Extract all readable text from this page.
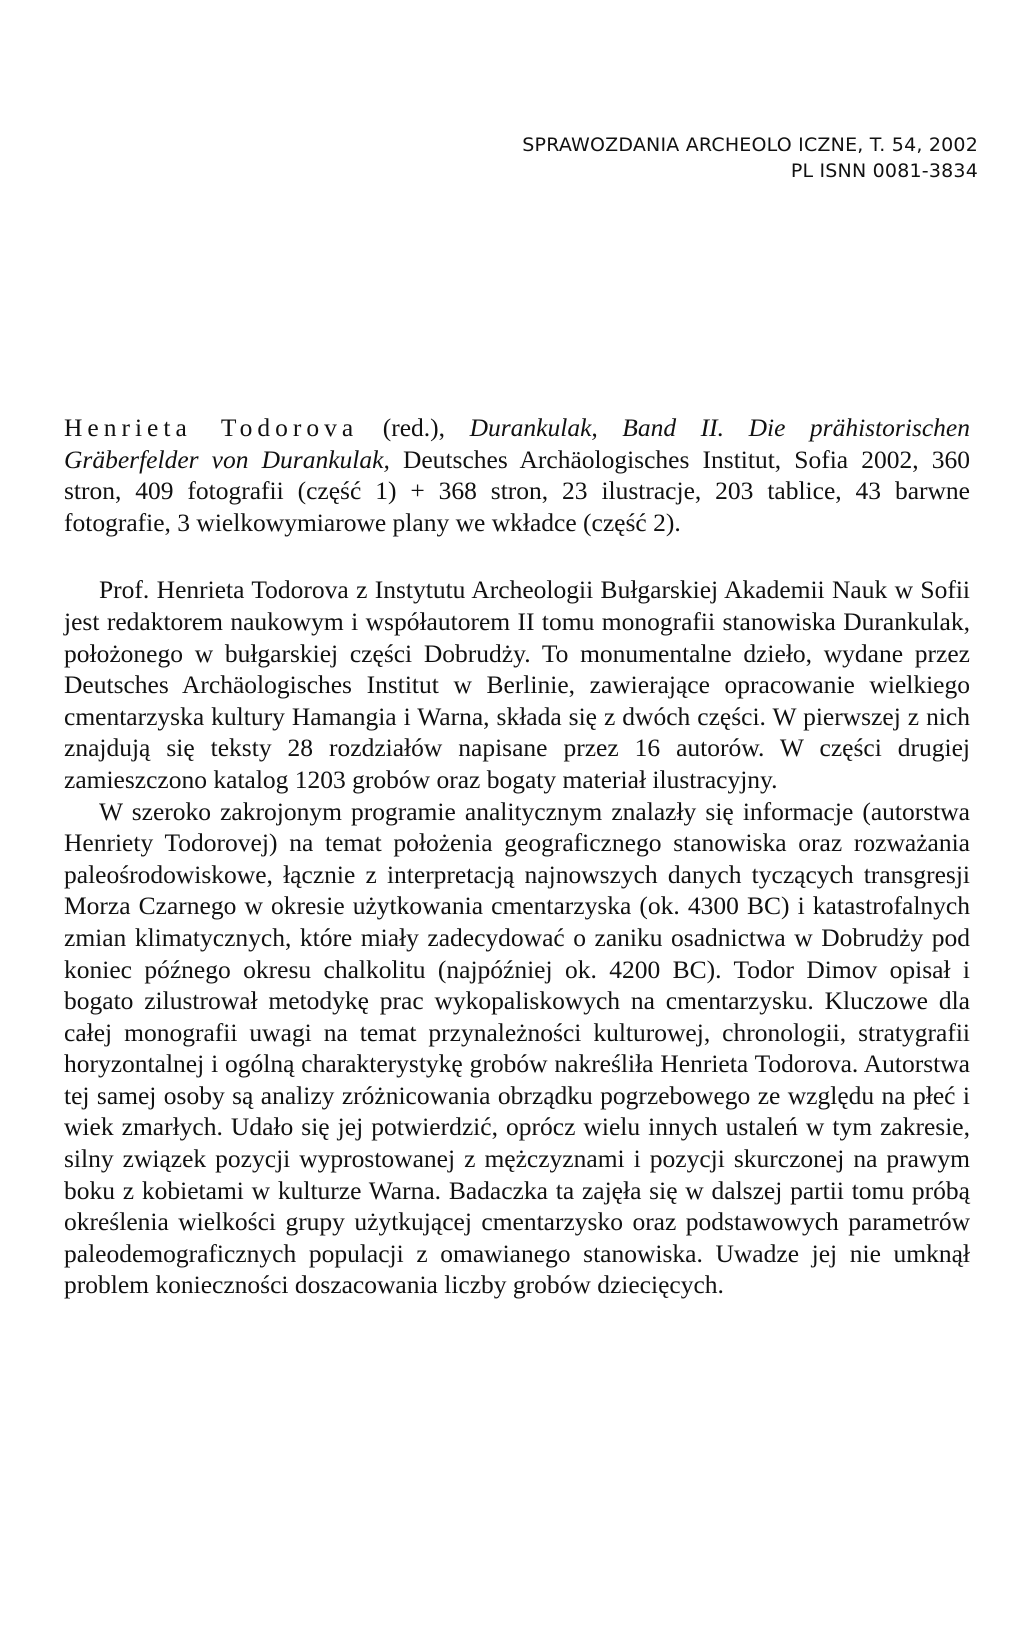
SPRAWOZDANIA ARCHEOLO ICZNE, T. 54, 2002
PL ISNN 0081-3834

Henrieta Todorova (red.), Durankulak, Band II. Die prähistorischen Gräberfelder von Durankulak, Deutsches Archäologisches Institut, Sofia 2002, 360 stron, 409 fotografii (część 1) + 368 stron, 23 ilustracje, 203 tablice, 43 barwne fotografie, 3 wielkowymiarowe plany we wkładce (część 2).

Prof. Henrieta Todorova z Instytutu Archeologii Bułgarskiej Akademii Nauk w Sofii jest redaktorem naukowym i współautorem II tomu monografii stanowiska Durankulak, położonego w bułgarskiej części Dobrudży. To monumentalne dzieło, wydane przez Deutsches Archäologisches Institut w Berlinie, zawierające opracowanie wielkiego cmentarzyska kultury Hamangia i Warna, składa się z dwóch części. W pierwszej z nich znajdują się teksty 28 rozdziałów napisane przez 16 autorów. W części drugiej zamieszczono katalog 1203 grobów oraz bogaty materiał ilustracyjny.

W szeroko zakrojonym programie analitycznym znalazły się informacje (autorstwa Henriety Todorovej) na temat położenia geograficznego stanowiska oraz rozważania paleośrodowiskowe, łącznie z interpretacją najnowszych danych tyczących transgresji Morza Czarnego w okresie użytkowania cmentarzyska (ok. 4300 BC) i katastrofalnych zmian klimatycznych, które miały zadecydować o zaniku osadnictwa w Dobrudży pod koniec późnego okresu chalkolitu (najpóźniej ok. 4200 BC). Todor Dimov opisał i bogato zilustrował metodykę prac wykopaliskowych na cmentarzysku. Kluczowe dla całej monografii uwagi na temat przynależności kulturowej, chronologii, stratygrafii horyzontalnej i ogólną charakterystykę grobów nakreśliła Henrieta Todorova. Autorstwa tej samej osoby są analizy zróżnicowania obrządku pogrzebowego ze względu na płeć i wiek zmarłych. Udało się jej potwierdzić, oprócz wielu innych ustaleń w tym zakresie, silny związek pozycji wyprostowanej z mężczyznami i pozycji skurczonej na prawym boku z kobietami w kulturze Warna. Badaczka ta zajęła się w dalszej partii tomu próbą określenia wielkości grupy użytkującej cmentarzysko oraz podstawowych parametrów paleodemograficznych populacji z omawianego stanowiska. Uwadze jej nie umknął problem konieczności doszacowania liczby grobów dziecięcych.
